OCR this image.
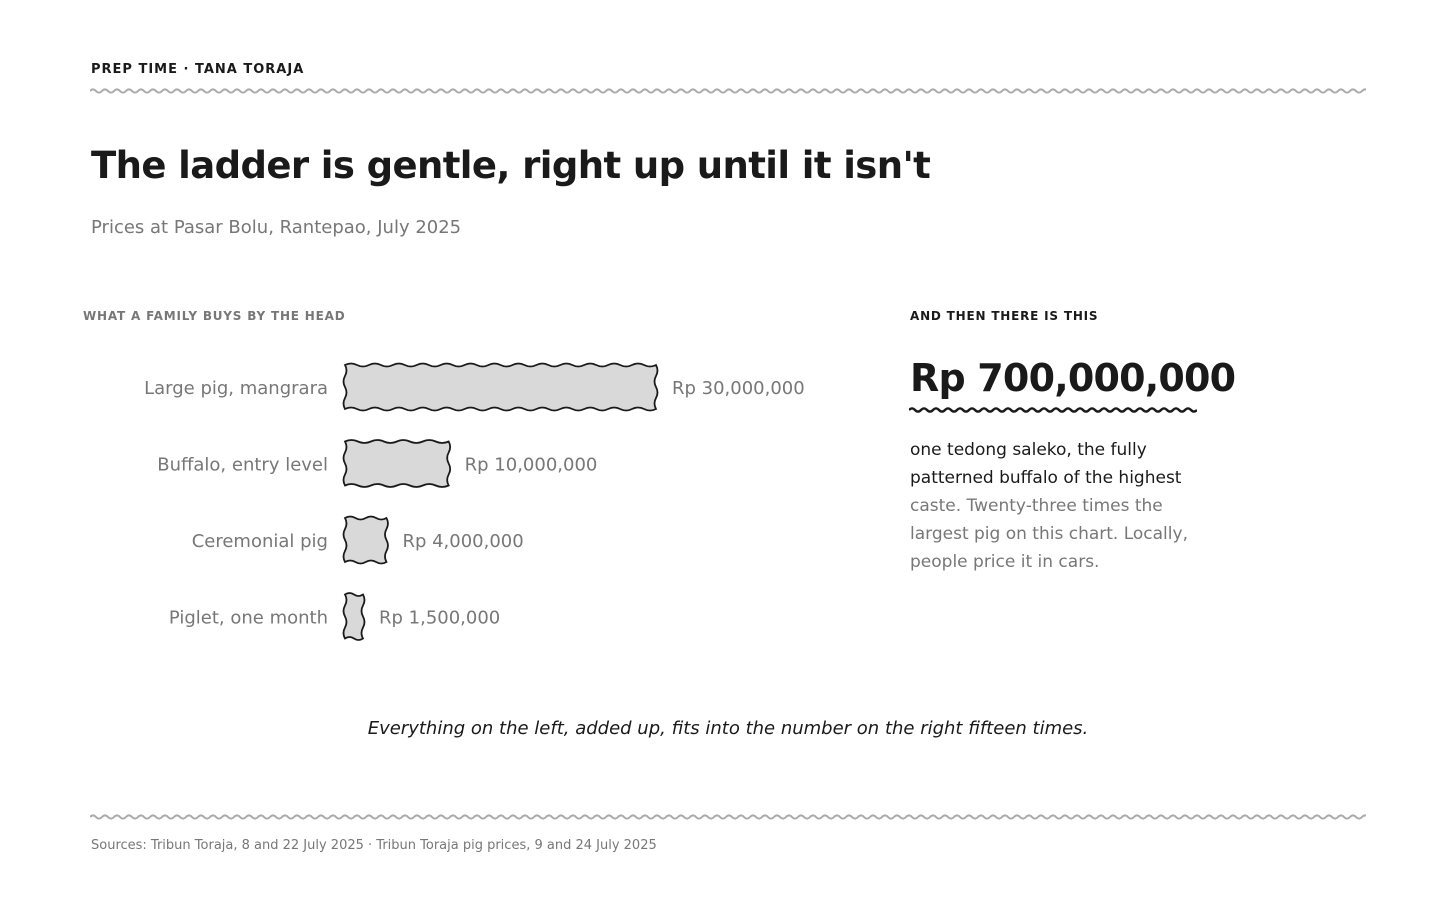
PREP TIME · TANA TORAJA
The ladder is gentle, right up until it isn't
Prices at Pasar Bolu, Rantepao, July 2025
WHAT A FAMILY BUYS BY THE HEAD	AND THEN THERE IS THIS
Large pig, mangrara	Rp 30,000,000
Buffalo, entry level	Rp 10,000,000
Ceremonial pig	Rp 4,000,000
Piglet, one month	Rp 1,500,000
Rp 700,000,000
one tedong saleko, the fully patterned buffalo of the highest caste. Twenty-three times the largest pig on this chart. Locally, people price it in cars.
Everything on the left, added up, fits into the number on the right fifteen times.
Sources: Tribun Toraja, 8 and 22 July 2025 · Tribun Toraja pig prices, 9 and 24 July 2025
